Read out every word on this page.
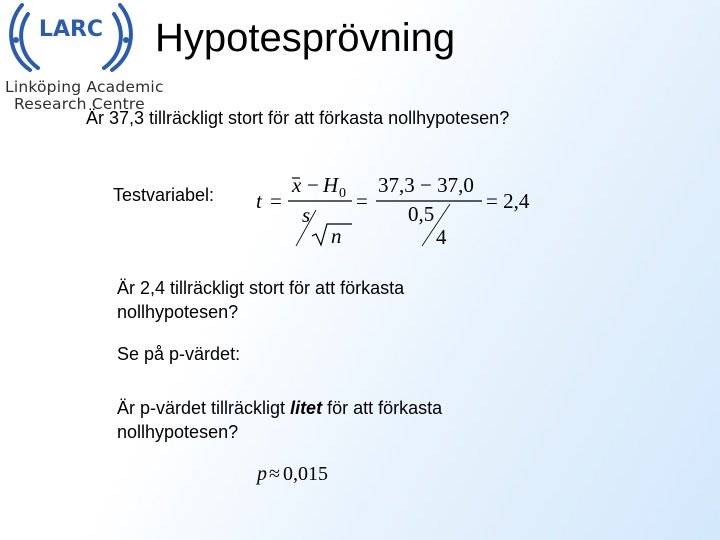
LARC
Linköping Academic
Research Centre
Hypotesprövning
Är 37,3 tillräckligt stort för att förkasta nollhypotesen?
Testvariabel: t =
x − H 0
s
n
=
37,3 − 37,0
0,5
4
= 2,4
Är 2,4 tillräckligt stort för att förkasta nollhypotesen?
Se på p-värdet:
Är p-värdet tillräckligt litet för att förkasta nollhypotesen?
p ≈ 0,015
